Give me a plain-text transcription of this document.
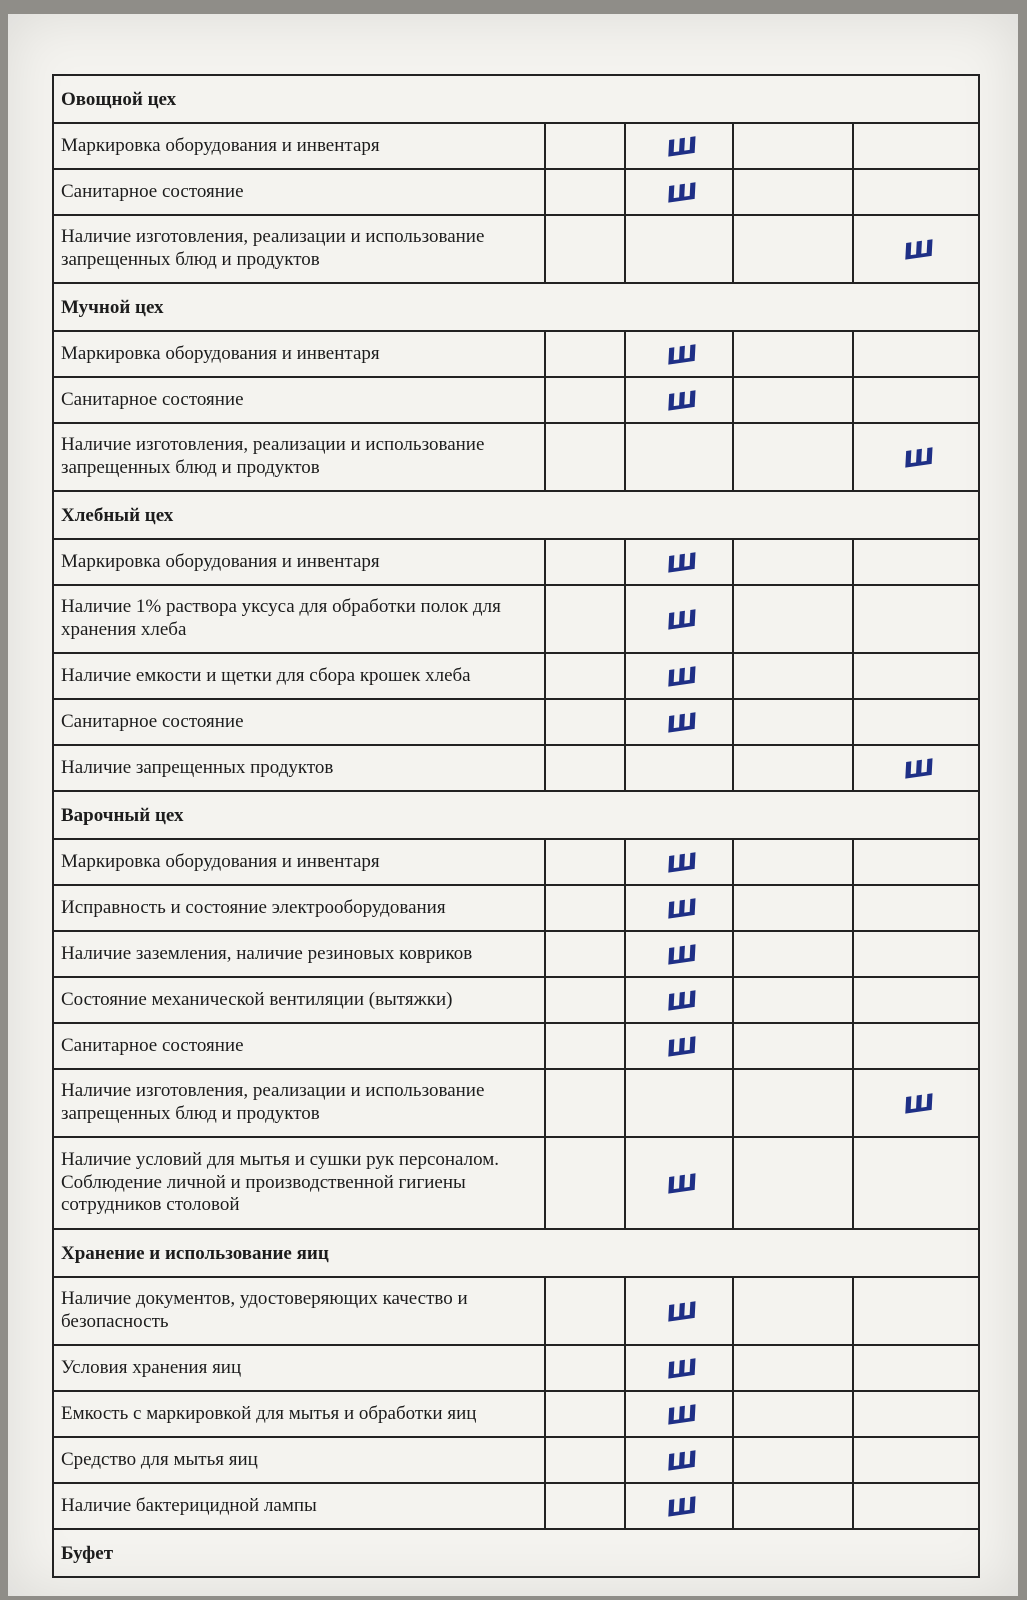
Овощной цех				
Маркировка оборудования и инвентаря		ш		
Санитарное состояние		ш		
Наличие изготовления, реализации и использование запрещенных блюд и продуктов				ш
Мучной цех				
Маркировка оборудования и инвентаря		ш		
Санитарное состояние		ш		
Наличие изготовления, реализации и использование запрещенных блюд и продуктов				ш
Хлебный цех				
Маркировка оборудования и инвентаря		ш		
Наличие 1% раствора уксуса для обработки полок для хранения хлеба		ш		
Наличие емкости и щетки для сбора крошек хлеба		ш		
Санитарное состояние		ш		
Наличие запрещенных продуктов				ш
Варочный цех				
Маркировка оборудования и инвентаря		ш		
Исправность и состояние электрооборудования		ш		
Наличие заземления, наличие резиновых ковриков		ш		
Состояние механической вентиляции (вытяжки)		ш		
Санитарное состояние		ш		
Наличие изготовления, реализации и использование запрещенных блюд и продуктов				ш
Наличие условий для мытья и сушки рук персоналом. Соблюдение личной и производственной гигиены сотрудников столовой		ш		
Хранение и использование яиц				
Наличие документов, удостоверяющих качество и безопасность		ш		
Условия хранения яиц		ш		
Емкость с маркировкой для мытья и обработки яиц		ш		
Средство для мытья яиц		ш		
Наличие бактерицидной лампы		ш		
Буфет				
